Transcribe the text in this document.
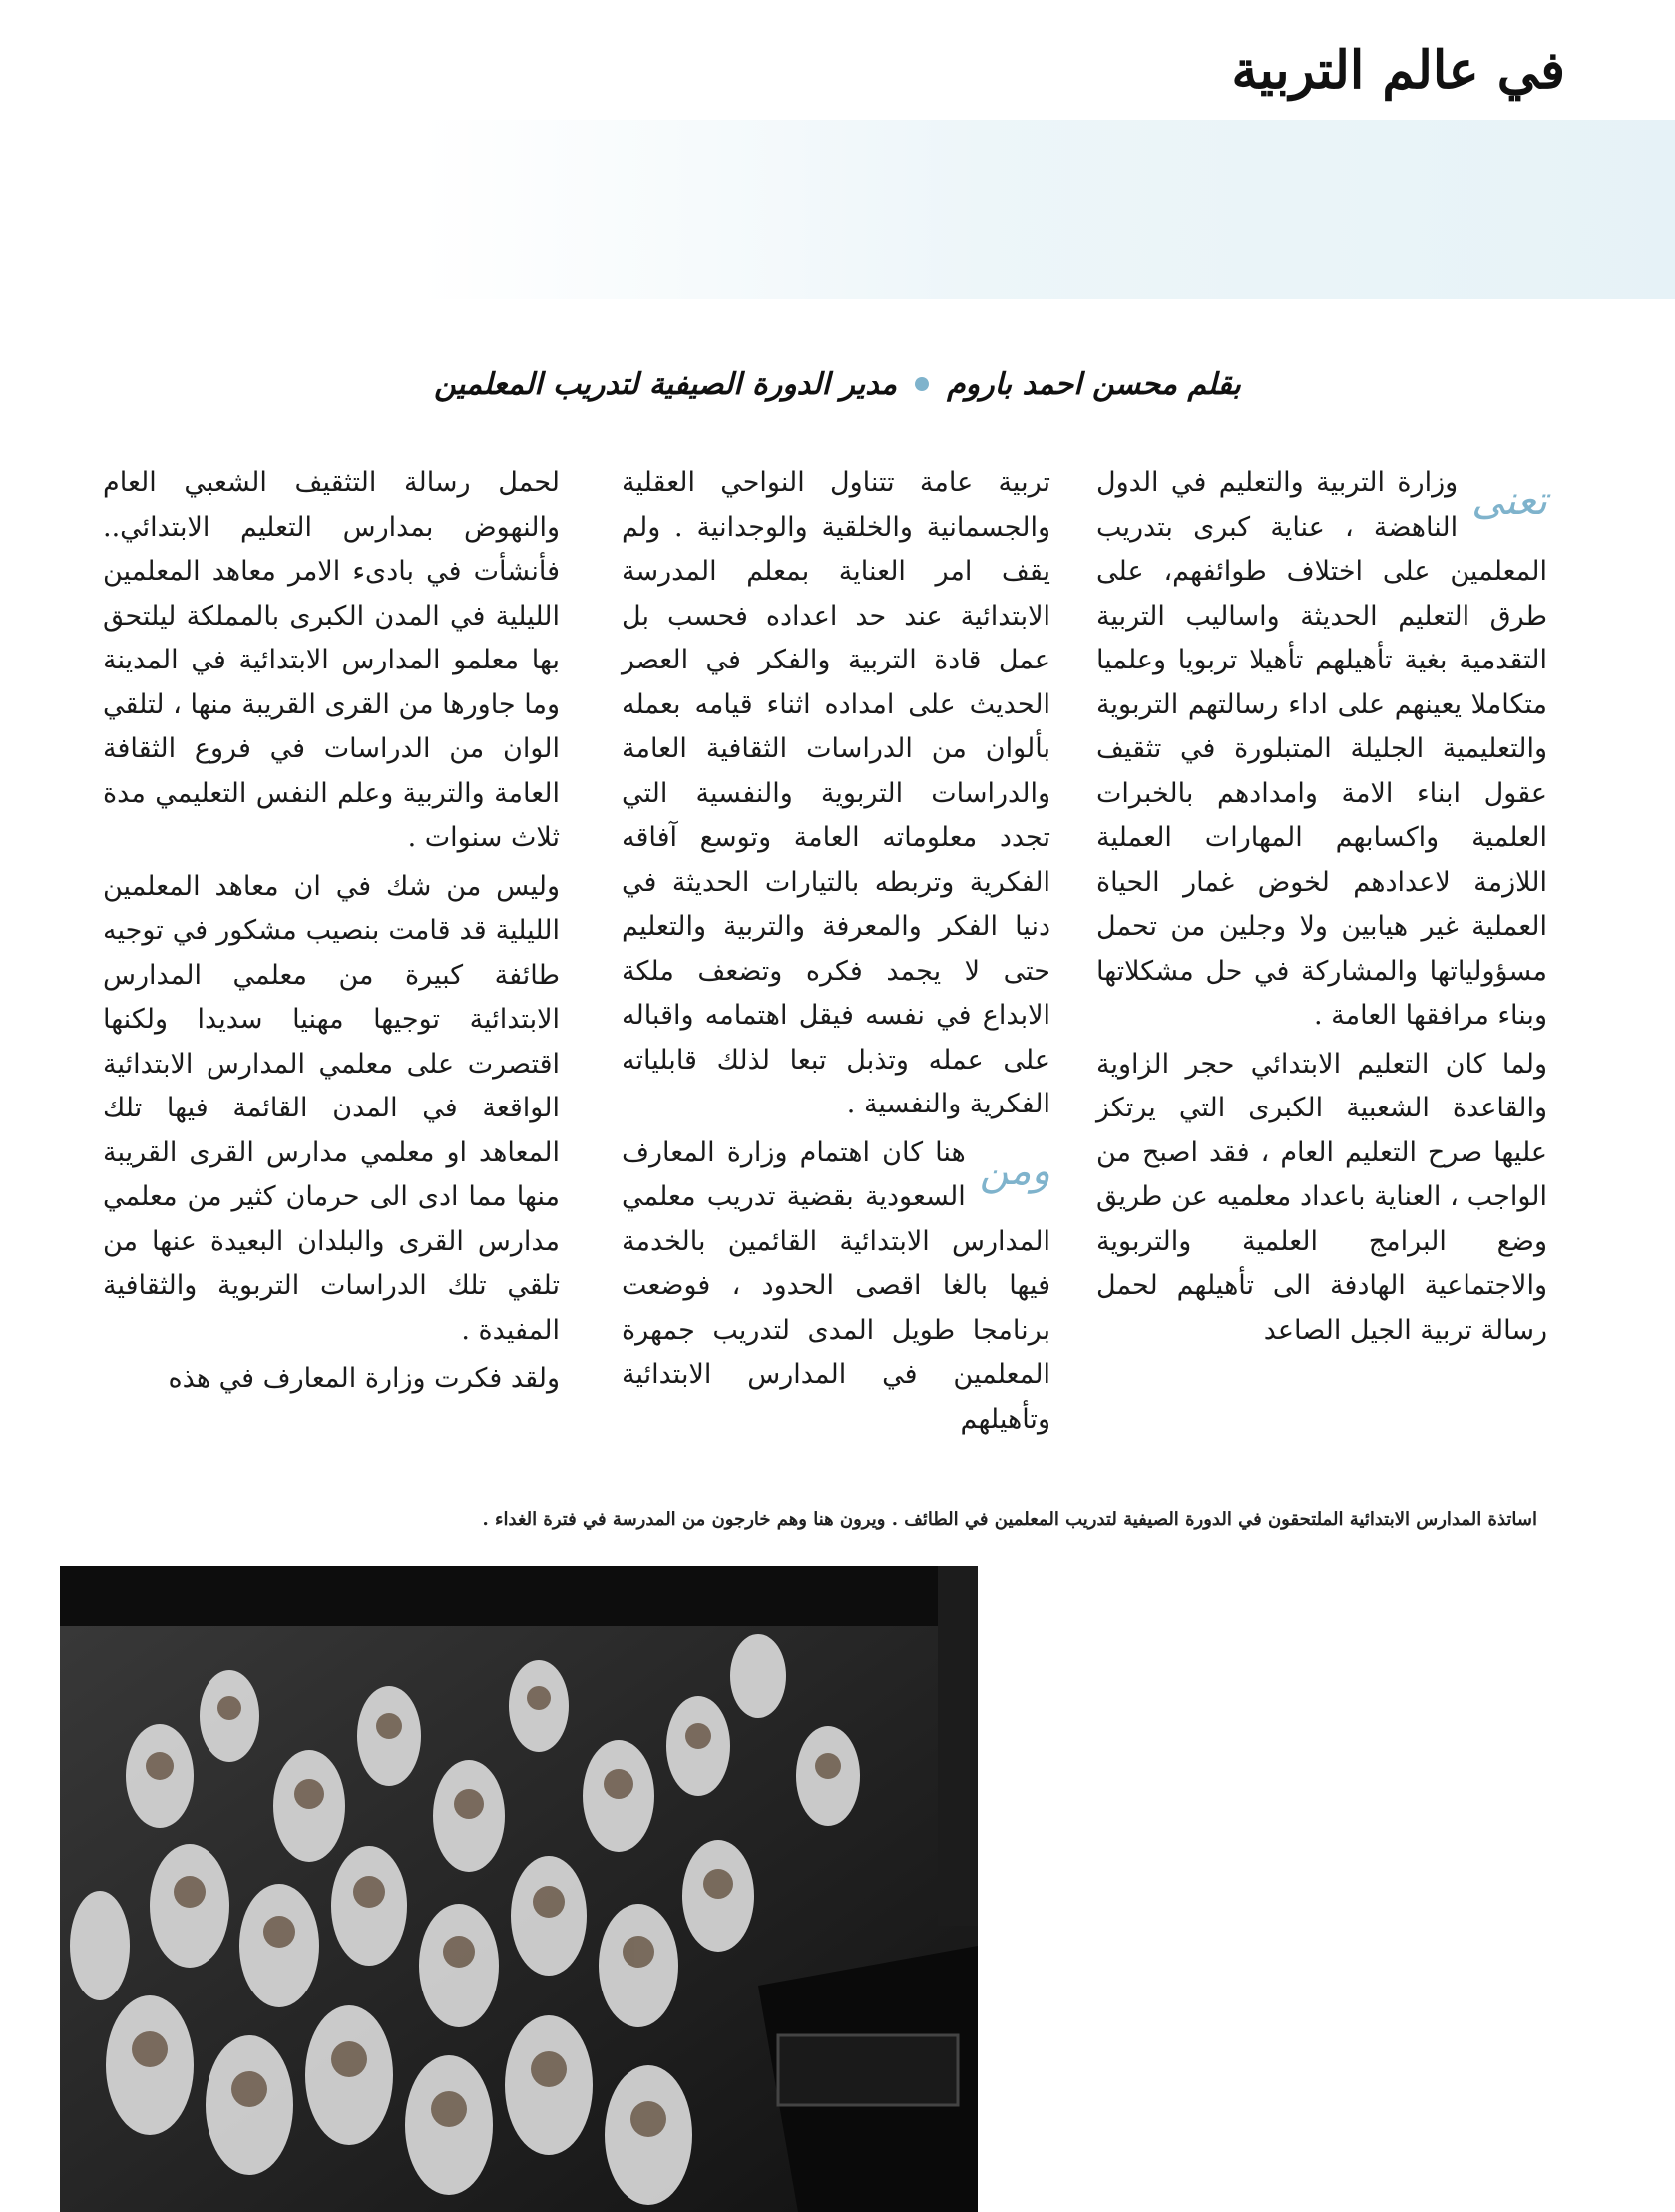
في عالم التربية
بقلم محسن احمد باروم
مدير الدورة الصيفية لتدريب المعلمين

تعنى
وزارة التربية والتعليم في الدول الناهضة ، عناية كبرى بتدريب المعلمين على اختلاف طوائفهم، على طرق التعليم الحديثة واساليب التربية التقدمية بغية تأهيلهم تأهيلا تربويا وعلميا متكاملا يعينهم على اداء رسالتهم التربوية والتعليمية الجليلة المتبلورة في تثقيف عقول ابناء الامة وامدادهم بالخبرات العلمية واكسابهم المهارات العملية اللازمة لاعدادهم لخوض غمار الحياة العملية غير هيابين ولا وجلين من تحمل مسؤولياتها والمشاركة في حل مشكلاتها وبناء مرافقها العامة .

ولما كان التعليم الابتدائي حجر الزاوية والقاعدة الشعبية الكبرى التي يرتكز عليها صرح التعليم العام ، فقد اصبح من الواجب ، العناية باعداد معلميه عن طريق وضع البرامج العلمية والتربوية والاجتماعية الهادفة الى تأهيلهم لحمل رسالة تربية الجيل الصاعد

تربية عامة تتناول النواحي العقلية والجسمانية والخلقية والوجدانية . ولم يقف امر العناية بمعلم المدرسة الابتدائية عند حد اعداده فحسب بل عمل قادة التربية والفكر في العصر الحديث على امداده اثناء قيامه بعمله بألوان من الدراسات الثقافية العامة والدراسات التربوية والنفسية التي تجدد معلوماته العامة وتوسع آفاقه الفكرية وتربطه بالتيارات الحديثة في دنيا الفكر والمعرفة والتربية والتعليم حتى لا يجمد فكره وتضعف ملكة الابداع في نفسه فيقل اهتمامه واقباله على عمله وتذبل تبعا لذلك قابلياته الفكرية والنفسية .

ومن
هنا كان اهتمام وزارة المعارف السعودية بقضية تدريب معلمي المدارس الابتدائية القائمين بالخدمة فيها بالغا اقصى الحدود ، فوضعت برنامجا طويل المدى لتدريب جمهرة المعلمين في المدارس الابتدائية وتأهيلهم

لحمل رسالة التثقيف الشعبي العام والنهوض بمدارس التعليم الابتدائي.. فأنشأت في بادىء الامر معاهد المعلمين الليلية في المدن الكبرى بالمملكة ليلتحق بها معلمو المدارس الابتدائية في المدينة وما جاورها من القرى القريبة منها ، لتلقي الوان من الدراسات في فروع الثقافة العامة والتربية وعلم النفس التعليمي مدة ثلاث سنوات .

وليس من شك في ان معاهد المعلمين الليلية قد قامت بنصيب مشكور في توجيه طائفة كبيرة من معلمي المدارس الابتدائية توجيها مهنيا سديدا ولكنها اقتصرت على معلمي المدارس الابتدائية الواقعة في المدن القائمة فيها تلك المعاهد او معلمي مدارس القرى القريبة منها مما ادى الى حرمان كثير من معلمي مدارس القرى والبلدان البعيدة عنها من تلقي تلك الدراسات التربوية والثقافية المفيدة .

ولقد فكرت وزارة المعارف في هذه

اساتذة المدارس الابتدائية الملتحقون في الدورة الصيفية لتدريب المعلمين في الطائف . ويرون هنا وهم خارجون من المدرسة في فترة الغداء .
